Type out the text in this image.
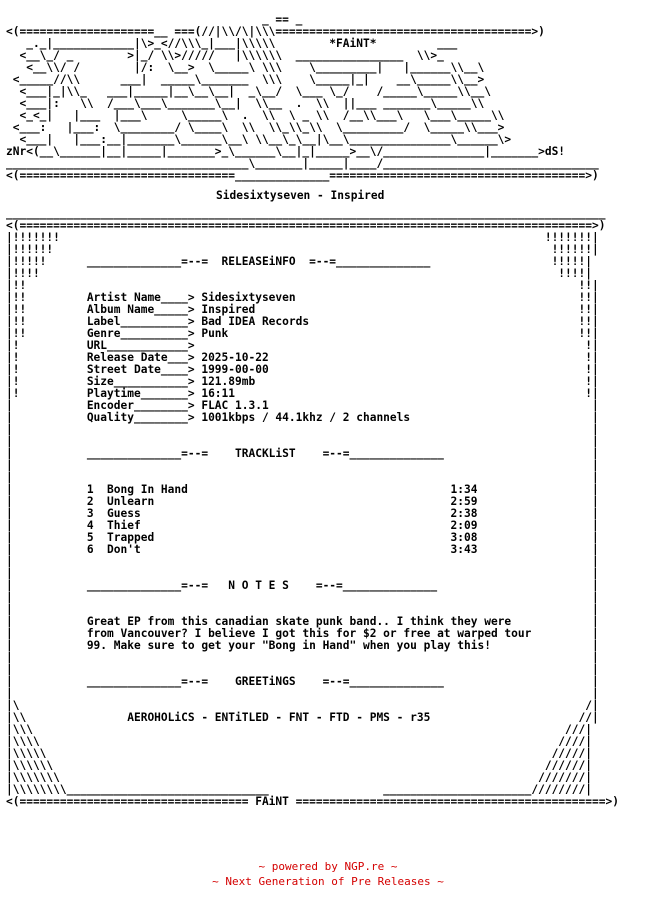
_ == _
<(====================__ ===(//|\\/\|\\\======================================>)
_._|____________|\>_<//\\\_|___|\\\\\        *FAiNT*         ___
<__\_/ _        >|_/ \\>/////   |\\\\\\  ________________  \\>_
<__\\/ /        |/:  \__>  \_____\ \\\    \_________|   |______\\__\
<_____//\\      ___|  _____\_______  \\\    \_____|_|    __\_____\\__>
<___|_|\\_   ___|_____|__\__\__|  _\__/  \___ \_/    /_____\_____\\__\
<___|:   \\  /___\___\_______\__|  \\__  .  \\  ||___ _______\_____\\
<_<_|   |___  |___\     \_____\  .  \\  \ _ \\  /__\\___\   \___\_____\\
<___:   |___:  \________/ \____\  \\  \\_\\_\\  \_________/  \_____\\___>
<___|   |___:__|_______\______\__\ \\__\_\__|\__\_______________\______\>
zNr<(__\______|__|_____|_______>_\______\__|_|_____>__\/_______________|_______>dS!
____________________________________\_______|_____|____/________________________________
<(================================______________======================================>)
Sidesixtyseven - Inspired
_________________________________________________________________________________________
<(=====================================================================================>)
|!!!!!!!                                                                        !!!!!!!|
|!!!!!!                                                                          !!!!!!|
|!!!!!      ______________=--=  RELEASEiNFO  =--=______________                  !!!!!|
|!!!!                                                                             !!!!|
|!!                                                                                  !!|
|!!         Artist Name____> Sidesixtyseven                                          !!|
|!!         Album Name_____> Inspired                                                !!|
|!!         Label__________> Bad IDEA Records                                        !!|
|!!         Genre__________> Punk                                                    !!|
|!          URL____________>                                                          !|
|!          Release Date___> 2025-10-22                                               !|
|!          Street Date____> 1999-00-00                                               !|
|!          Size___________> 121.89mb                                                 !|
|!          Playtime_______> 16:11                                                    !|
|           Encoder________> FLAC 1.3.1                                                |
|           Quality________> 1001kbps / 44.1khz / 2 channels                           |
|                                                                                      |
|                                                                                      |
|           ______________=--=    TRACKLiST    =--=______________                      |
|                                                                                      |
|                                                                                      |
|           1  Bong In Hand                                       1:34                 |
|           2  Unlearn                                            2:59                 |
|           3  Guess                                              2:38                 |
|           4  Thief                                              2:09                 |
|           5  Trapped                                            3:08                 |
|           6  Don't                                              3:43                 |
|                                                                                      |
|                                                                                      |
|           ______________=--=   N O T E S    =--=______________                       |
|                                                                                      |
|                                                                                      |
|           Great EP from this canadian skate punk band.. I think they were            |
|           from Vancouver? I believe I got this for $2 or free at warped tour         |
|           99. Make sure to get your "Bong in Hand" when you play this!               |
|                                                                                      |
|                                                                                      |
|           ______________=--=    GREETiNGS    =--=______________                      |
|                                                                                      |
|\                                                                                    /|
|\\               AEROHOLiCS - ENTiTLED - FNT - FTD - PMS - r35                      //|
|\\\                                                                               ///|
|\\\\                                                                             ////|
|\\\\\                                                                           /////|
|\\\\\\                                                                         //////|
|\\\\\\\                                                                       ///////|
|\\\\\\\\______________________________                 ______________________////////|
<(================================== FAiNT ==============================================>)
~ powered by NGP.re ~
~ Next Generation of Pre Releases ~
